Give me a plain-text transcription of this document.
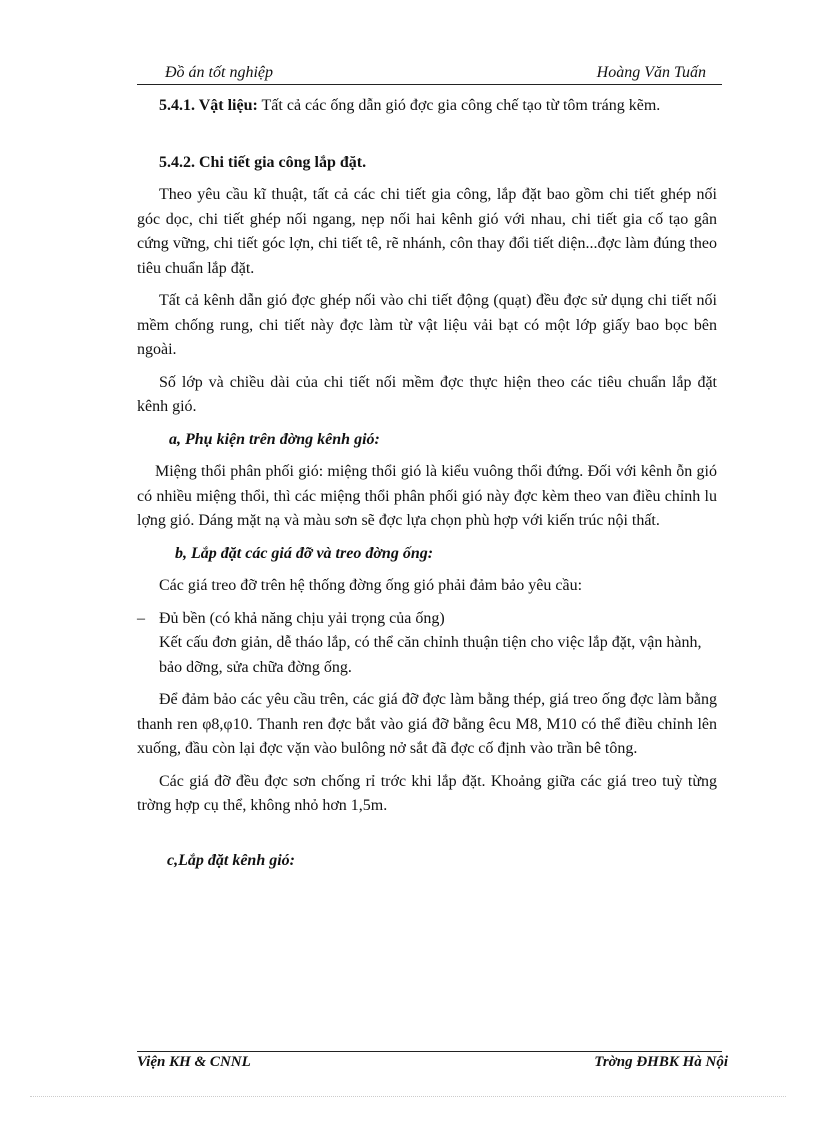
Đồ án tốt nghiệp	Hoàng Văn Tuấn

5.4.1. Vật liệu: Tất cả các ống dẫn gió đợc gia công chế tạo từ tôm tráng kẽm.

5.4.2. Chi tiết gia công lắp đặt.

Theo yêu cầu kĩ thuật, tất cả các chi tiết gia công, lắp đặt bao gồm chi tiết ghép nối góc dọc, chi tiết ghép nối ngang, nẹp nối hai kênh gió với nhau, chi tiết gia cố tạo gân cứng vững, chi tiết góc lợn, chi tiết tê, rẽ nhánh, côn thay đổi tiết diện...đợc làm đúng theo tiêu chuẩn lắp đặt.

Tất cả kênh dẫn gió đợc ghép nối vào chi tiết động (quạt) đều đợc sử dụng chi tiết nối mềm chống rung, chi tiết này đợc làm từ vật liệu vải bạt có một lớp giấy bao bọc bên ngoài.

Số lớp và chiều dài của chi tiết nối mềm đợc thực hiện theo các tiêu chuẩn lắp đặt kênh gió.

a, Phụ kiện trên đờng kênh gió:

Miệng thổi phân phối gió: miệng thổi gió là kiểu vuông thổi đứng. Đối với kênh ỗn gió có nhiều miệng thổi, thì các miệng thổi phân phối gió này đợc kèm theo van điều chỉnh lu lợng gió. Dáng mặt nạ và màu sơn sẽ đợc lựa chọn phù hợp với kiến trúc nội thất.

b, Lắp đặt các giá đỡ và treo đờng ống:

Các giá treo đỡ trên hệ thống đờng ống gió phải đảm bảo yêu cầu:

– Đủ bền (có khả năng chịu yải trọng của ống)

Kết cấu đơn giản, dễ tháo lắp, có thể căn chỉnh thuận tiện cho việc lắp đặt, vận hành, bảo dỡng, sửa chữa đờng ống.

Để đảm bảo các yêu cầu trên, các giá đỡ đợc làm bằng thép, giá treo ống đợc làm bằng thanh ren φ8,φ10. Thanh ren đợc bắt vào giá đỡ bằng êcu M8, M10 có thể điều chỉnh lên xuống, đầu còn lại đợc vặn vào bulông nở sắt đã đợc cố định vào trần bê tông.

Các giá đỡ đều đợc sơn chống rỉ trớc khi lắp đặt. Khoảng giữa các giá treo tuỳ từng trờng hợp cụ thể, không nhỏ hơn 1,5m.

c,Lắp đặt kênh gió:

Viện KH & CNNL	Trờng ĐHBK Hà Nội
